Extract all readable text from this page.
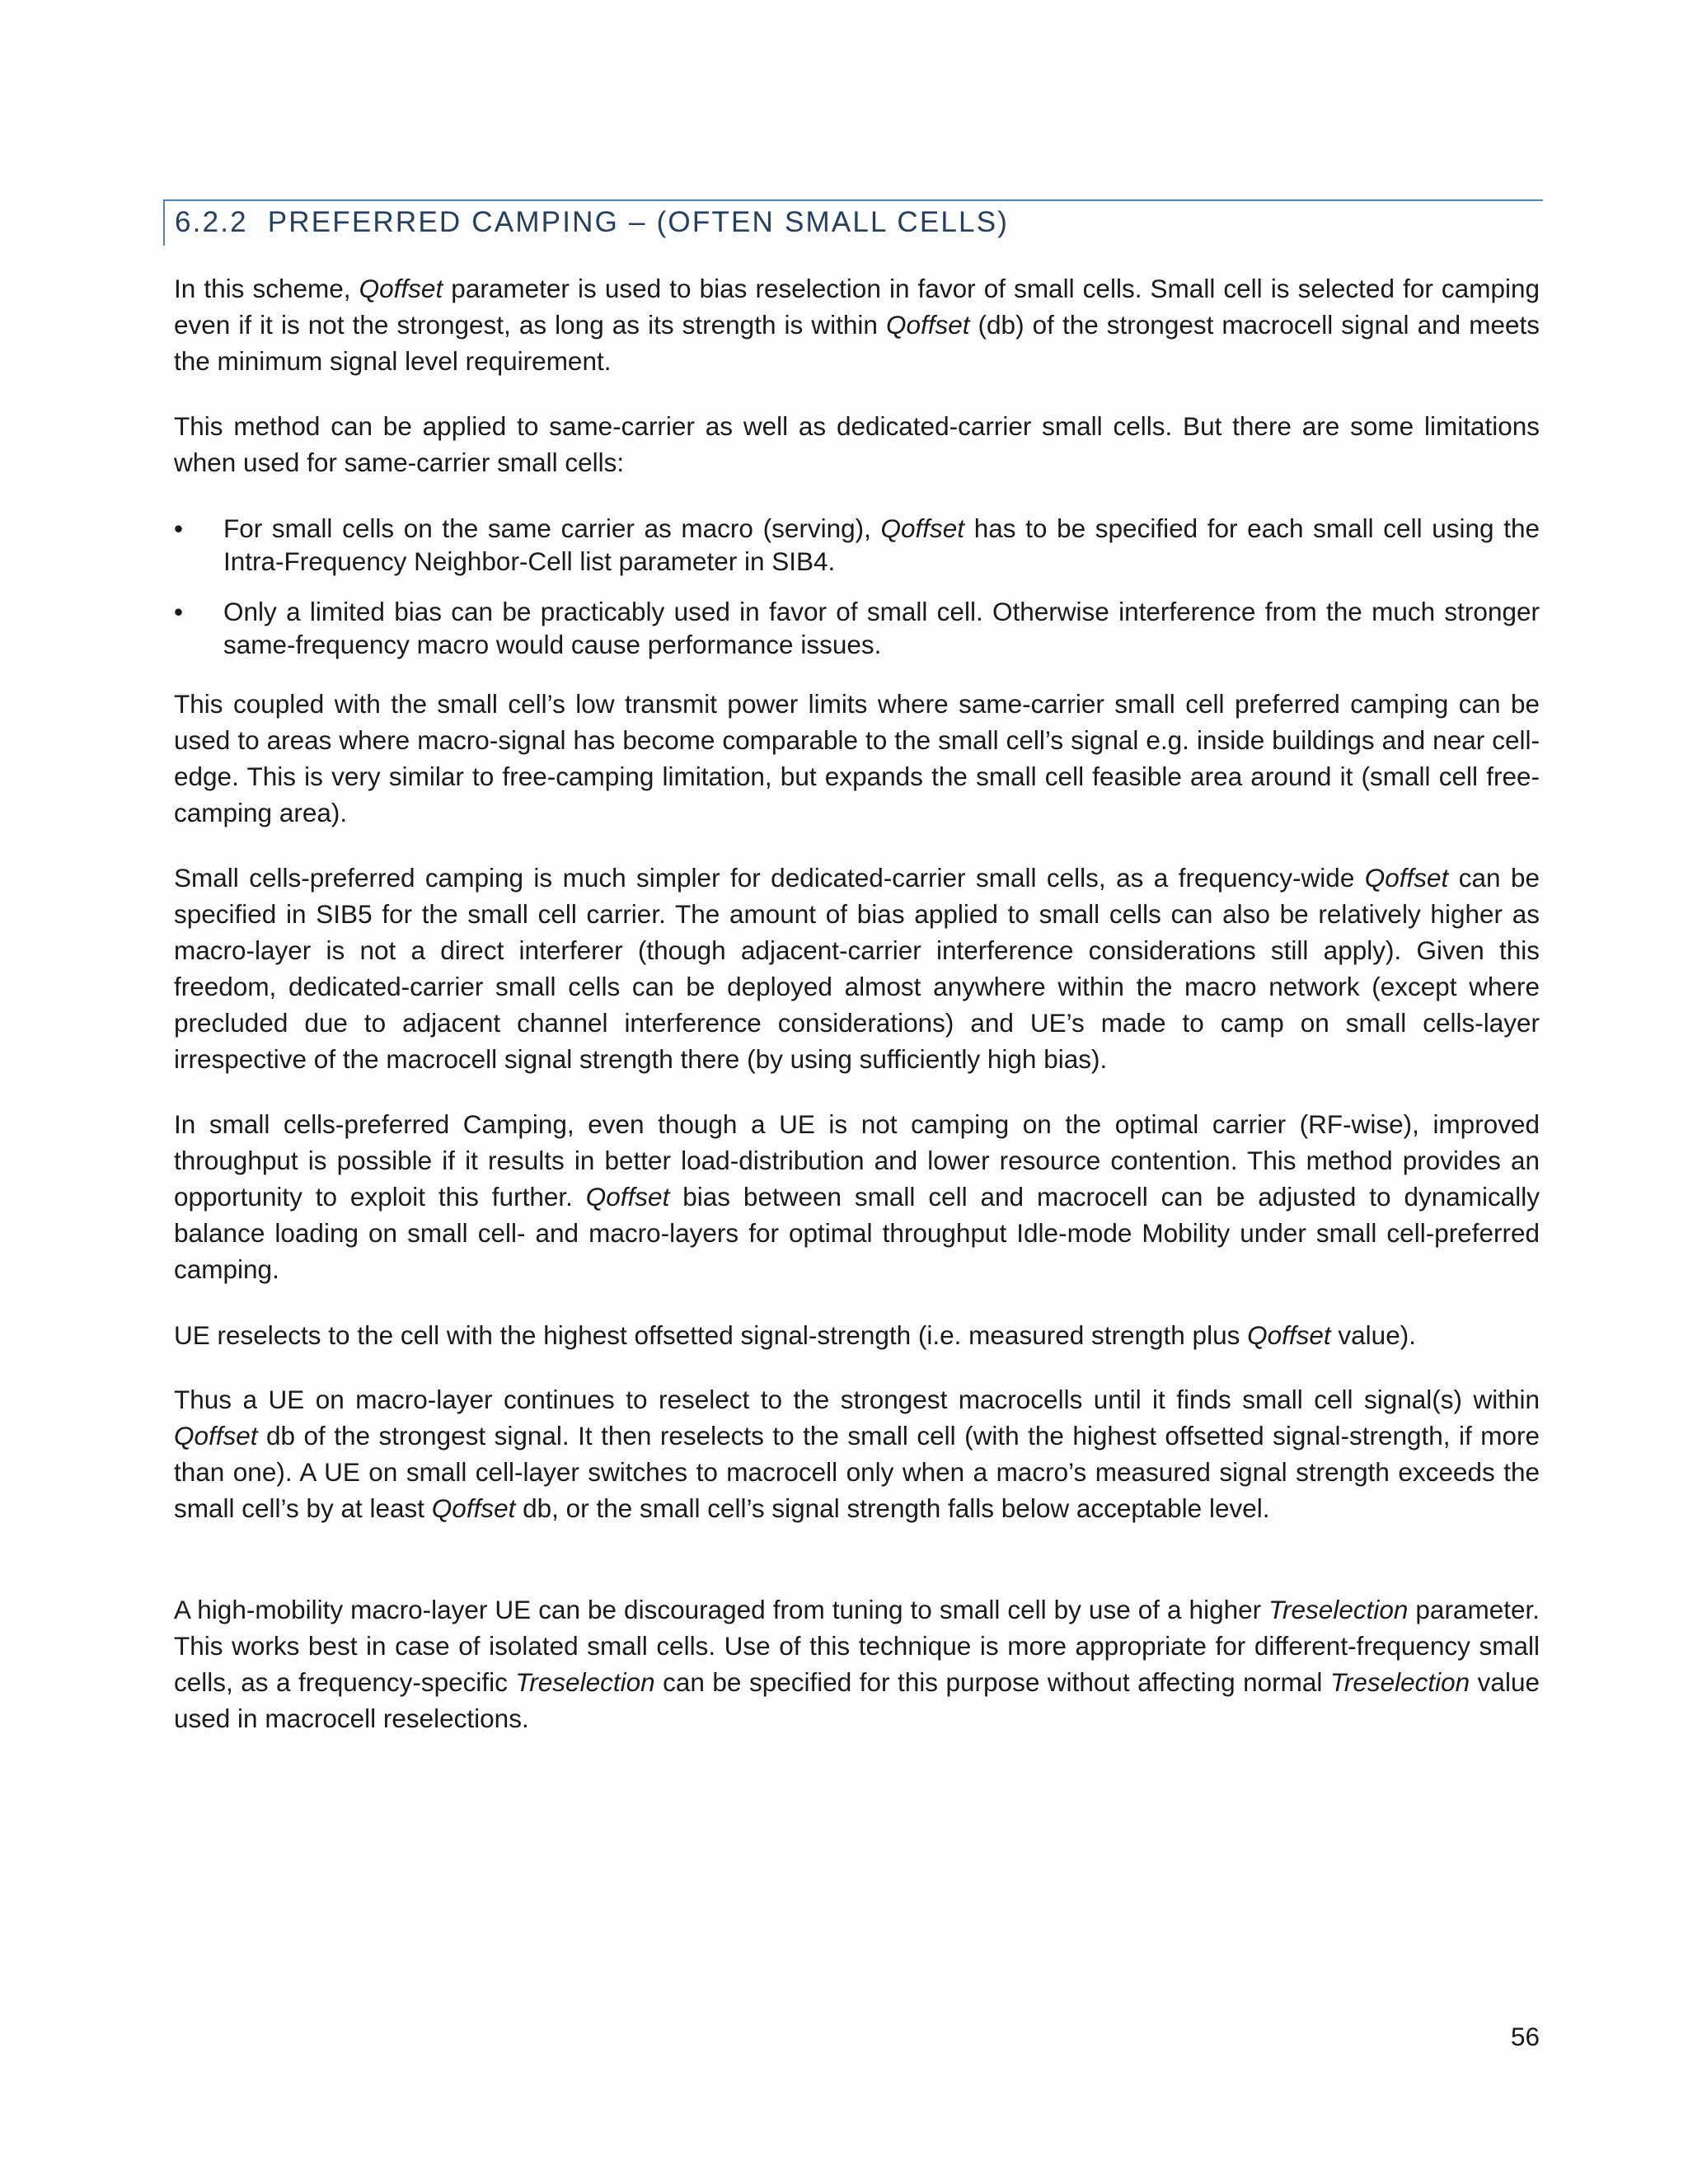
6.2.2 PREFERRED CAMPING – (OFTEN SMALL CELLS)

In this scheme, Qoffset parameter is used to bias reselection in favor of small cells. Small cell is selected for camping even if it is not the strongest, as long as its strength is within Qoffset (db) of the strongest macrocell signal and meets the minimum signal level requirement.

This method can be applied to same-carrier as well as dedicated-carrier small cells. But there are some limitations when used for same-carrier small cells:

•	For small cells on the same carrier as macro (serving), Qoffset has to be specified for each small cell using the Intra-Frequency Neighbor-Cell list parameter in SIB4.
•	Only a limited bias can be practicably used in favor of small cell. Otherwise interference from the much stronger same-frequency macro would cause performance issues.

This coupled with the small cell’s low transmit power limits where same-carrier small cell preferred camping can be used to areas where macro-signal has become comparable to the small cell’s signal e.g. inside buildings and near cell-edge. This is very similar to free-camping limitation, but expands the small cell feasible area around it (small cell free-camping area).

Small cells-preferred camping is much simpler for dedicated-carrier small cells, as a frequency-wide Qoffset can be specified in SIB5 for the small cell carrier. The amount of bias applied to small cells can also be relatively higher as macro-layer is not a direct interferer (though adjacent-carrier interference considerations still apply). Given this freedom, dedicated-carrier small cells can be deployed almost anywhere within the macro network (except where precluded due to adjacent channel interference considerations) and UE’s made to camp on small cells-layer irrespective of the macrocell signal strength there (by using sufficiently high bias).

In small cells-preferred Camping, even though a UE is not camping on the optimal carrier (RF-wise), improved throughput is possible if it results in better load-distribution and lower resource contention. This method provides an opportunity to exploit this further. Qoffset bias between small cell and macrocell can be adjusted to dynamically balance loading on small cell- and macro-layers for optimal throughput Idle-mode Mobility under small cell-preferred camping.

UE reselects to the cell with the highest offsetted signal-strength (i.e. measured strength plus Qoffset value).

Thus a UE on macro-layer continues to reselect to the strongest macrocells until it finds small cell signal(s) within Qoffset db of the strongest signal. It then reselects to the small cell (with the highest offsetted signal-strength, if more than one). A UE on small cell-layer switches to macrocell only when a macro’s measured signal strength exceeds the small cell’s by at least Qoffset db, or the small cell’s signal strength falls below acceptable level.

A high-mobility macro-layer UE can be discouraged from tuning to small cell by use of a higher Treselection parameter. This works best in case of isolated small cells. Use of this technique is more appropriate for different-frequency small cells, as a frequency-specific Treselection can be specified for this purpose without affecting normal Treselection value used in macrocell reselections.

56
